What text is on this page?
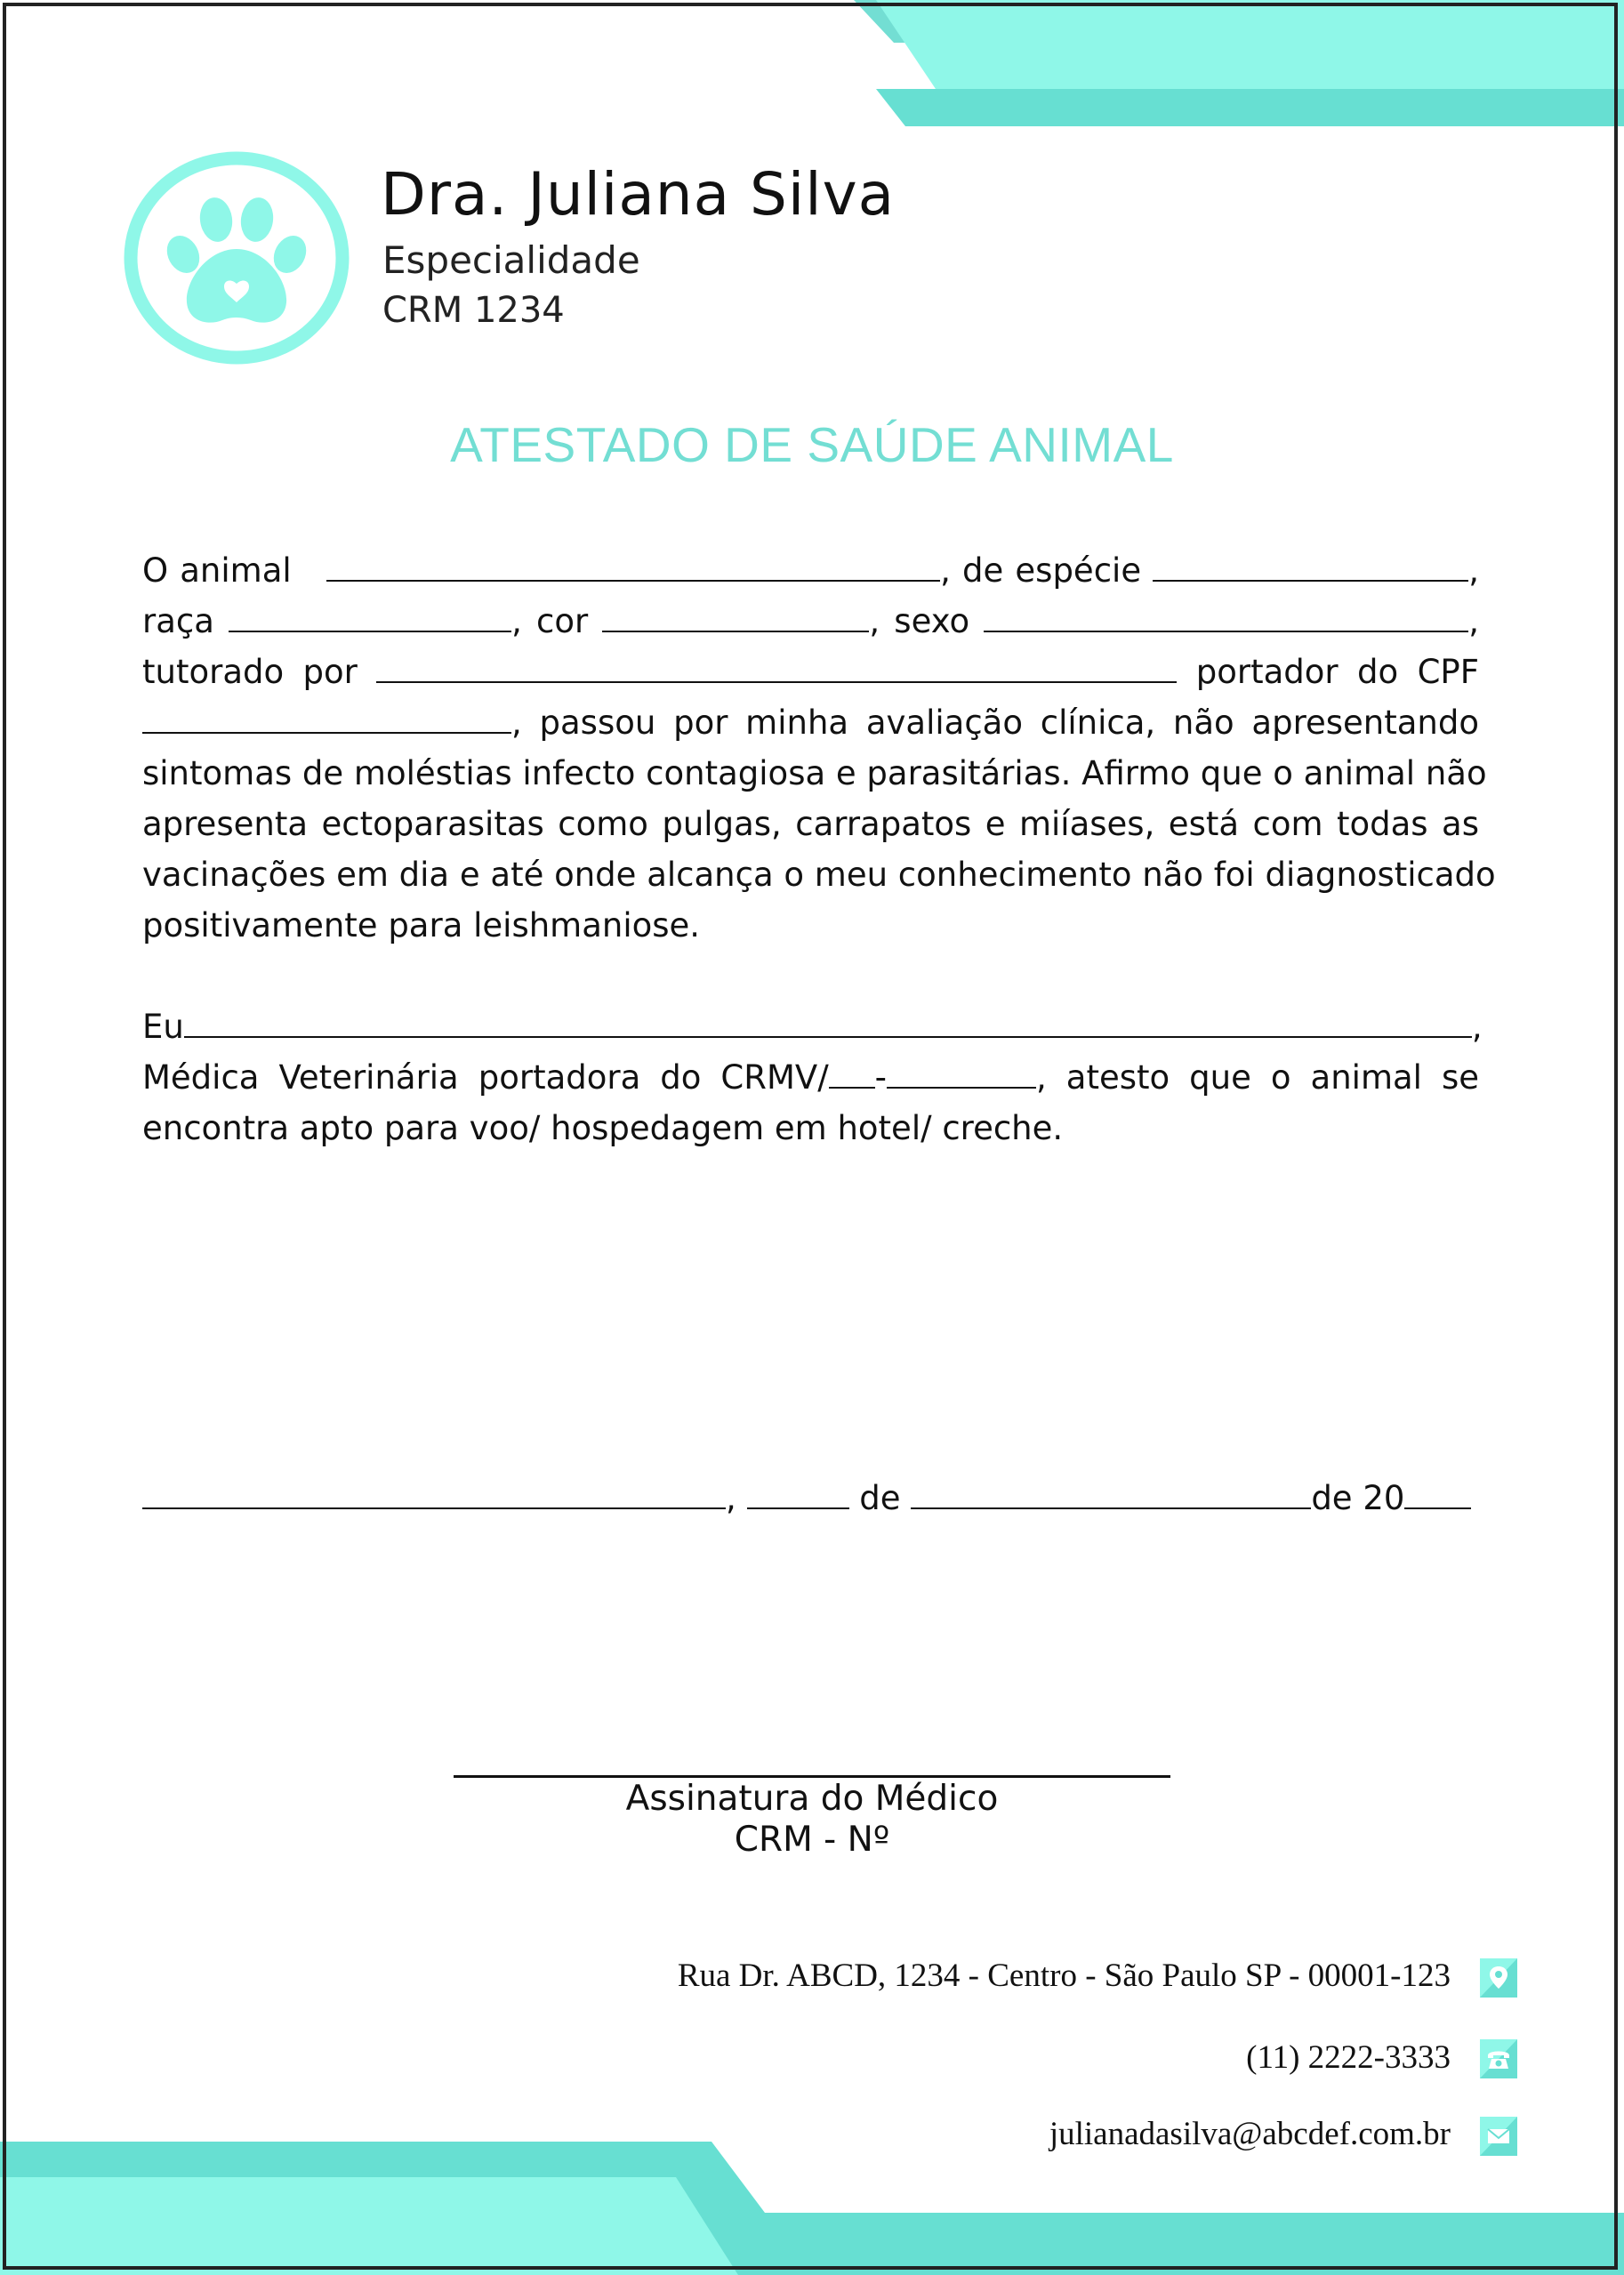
Dra. Juliana Silva
Especialidade
CRM 1234
ATESTADO DE SAÚDE ANIMAL
O animal	, de espécie	,
raça	, cor	, sexo	,
tutorado por	portador do CPF
, passou por minha avaliação clínica, não apresentando
sintomas de moléstias infecto contagiosa e parasitárias. Afirmo que o animal não
apresenta ectoparasitas como pulgas, carrapatos e miíases, está com todas as
vacinações em dia e até onde alcança o meu conhecimento não foi diagnosticado
positivamente para leishmaniose.
Eu	,
Médica Veterinária portadora do CRMV/ -	, atesto que o animal se
encontra apto para voo/ hospedagem em hotel/ creche.
,	de	de 20
Assinatura do Médico
CRM - Nº
Rua Dr. ABCD, 1234 - Centro - São Paulo SP - 00001-123
(11) 2222-3333
julianadasilva@abcdef.com.br
